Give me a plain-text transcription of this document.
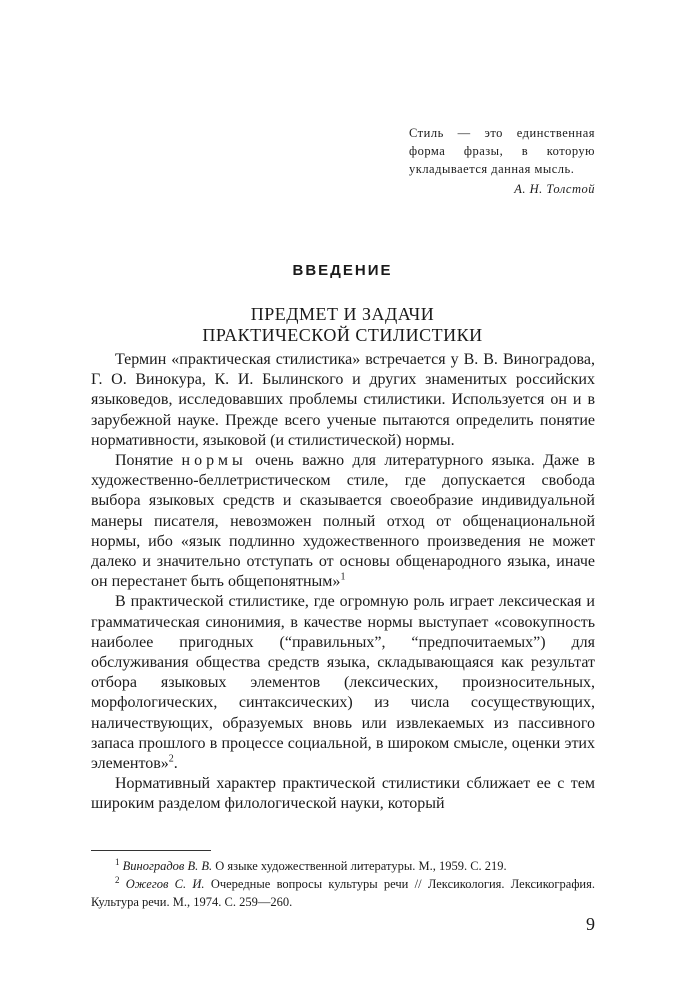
Стиль — это единственная форма фразы, в которую укладывается данная мысль.

А. Н. Толстой

ВВЕДЕНИЕ
ПРЕДМЕТ И ЗАДАЧИ
ПРАКТИЧЕСКОЙ СТИЛИСТИКИ

Термин «практическая стилистика» встречается у В. В. Виноградова, Г. О. Винокура, К. И. Былинского и других знаменитых российских языковедов, исследовавших проблемы стилистики. Используется он и в зарубежной науке. Прежде всего ученые пытаются определить понятие нормативности, языковой (и стилистической) нормы.

Понятие нормы очень важно для литературного языка. Даже в художественно-беллетристическом стиле, где допускается свобода выбора языковых средств и сказывается своеобразие индивидуальной манеры писателя, невозможен полный отход от общенациональной нормы, ибо «язык подлинно художественного произведения не может далеко и значительно отступать от основы общенародного языка, иначе он перестанет быть общепонятным»$^1$

В практической стилистике, где огромную роль играет лексическая и грамматическая синонимия, в качестве нормы выступает «совокупность наиболее пригодных (“правильных”, “предпочитаемых”) для обслуживания общества средств языка, складывающаяся как результат отбора языковых элементов (лексических, произносительных, морфологических, синтаксических) из числа сосуществующих, наличествующих, образуемых вновь или извлекаемых из пассивного запаса прошлого в процессе социальной, в широком смысле, оценки этих элементов»$^2$.

Нормативный характер практической стилистики сближает ее с тем широким разделом филологической науки, который

$^1$ Виноградов В. В. О языке художественной литературы. М., 1959. С. 219.

$^2$ Ожегов С. И. Очередные вопросы культуры речи // Лексикология. Лексикография. Культура речи. М., 1974. С. 259—260.

9
